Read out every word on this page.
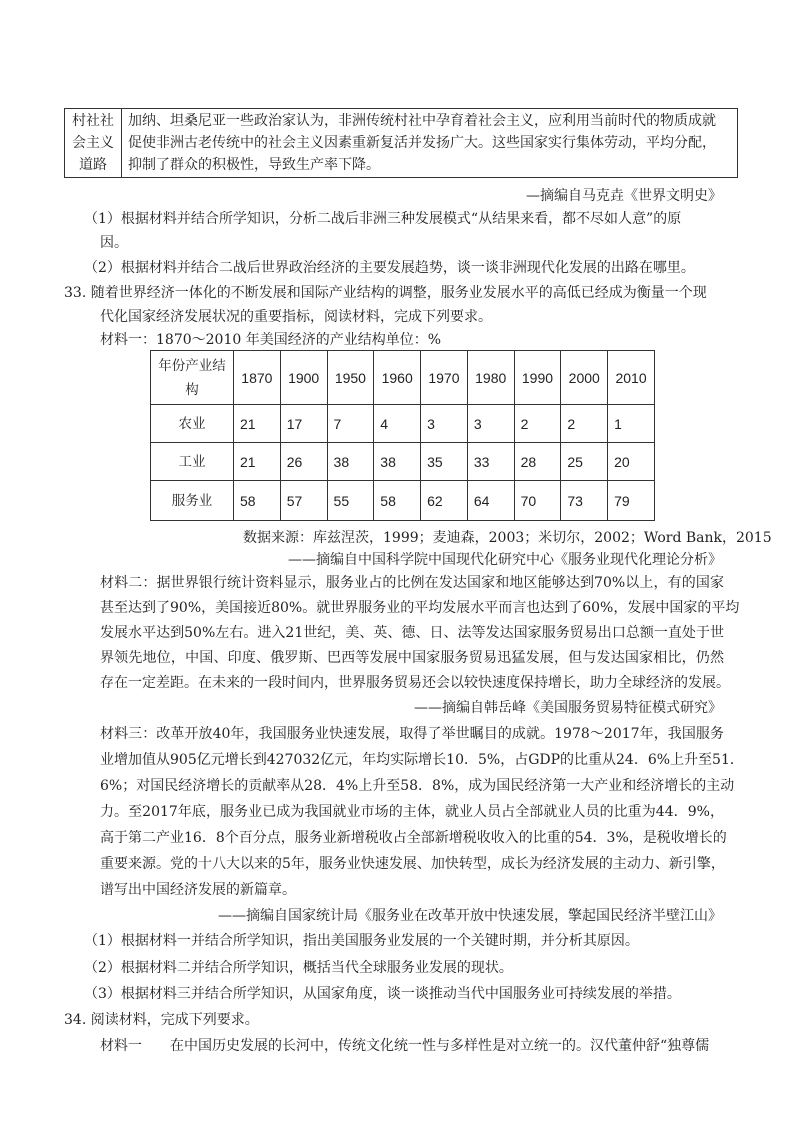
村社社
会主义
道路

加纳、坦桑尼亚一些政治家认为，非洲传统村社中孕育着社会主义，应利用当前时代的物质成就
促使非洲古老传统中的社会主义因素重新复活并发扬广大。这些国家实行集体劳动，平均分配，
抑制了群众的积极性，导致生产率下降。
—摘编自马克垚《世界文明史》
（1）根据材料并结合所学知识，分析二战后非洲三种发展模式“从结果来看，都不尽如人意”的原
因。
（2）根据材料并结合二战后世界政治经济的主要发展趋势，谈一谈非洲现代化发展的出路在哪里。
33. 随着世界经济一体化的不断发展和国际产业结构的调整，服务业发展水平的高低已经成为衡量一个现
代化国家经济发展状况的重要指标，阅读材料，完成下列要求。
材料一：1870～2010 年美国经济的产业结构单位：%
年份产业结构	1870	1900	1950	1960	1970	1980	1990	2000	2010
农业	21	17	7	4	3	3	2	2	1
工业	21	26	38	38	35	33	28	25	20
服务业	58	57	55	58	62	64	70	73	79
数据来源：库兹涅茨，1999；麦迪森，2003；米切尔，2002；Word Bank，2015
——摘编自中国科学院中国现代化研究中心《服务业现代化理论分析》
材料二：据世界银行统计资料显示，服务业占的比例在发达国家和地区能够达到70%以上，有的国家
甚至达到了90%，美国接近80%。就世界服务业的平均发展水平而言也达到了60%，发展中国家的平均
发展水平达到50%左右。进入21世纪，美、英、德、日、法等发达国家服务贸易出口总额一直处于世
界领先地位，中国、印度、俄罗斯、巴西等发展中国家服务贸易迅猛发展，但与发达国家相比，仍然
存在一定差距。在未来的一段时间内，世界服务贸易还会以较快速度保持增长，助力全球经济的发展。
——摘编自韩岳峰《美国服务贸易特征模式研究》
材料三：改革开放40年，我国服务业快速发展，取得了举世瞩目的成就。1978～2017年，我国服务
业增加值从905亿元增长到427032亿元，年均实际增长10．5%，占GDP的比重从24．6%上升至51．
6%；对国民经济增长的贡献率从28．4%上升至58．8%，成为国民经济第一大产业和经济增长的主动
力。至2017年底，服务业已成为我国就业市场的主体，就业人员占全部就业人员的比重为44．9%，
高于第二产业16．8个百分点，服务业新增税收占全部新增税收收入的比重的54．3%，是税收增长的
重要来源。党的十八大以来的5年，服务业快速发展、加快转型，成长为经济发展的主动力、新引擎，
谱写出中国经济发展的新篇章。
——摘编自国家统计局《服务业在改革开放中快速发展，擎起国民经济半壁江山》
（1）根据材料一并结合所学知识，指出美国服务业发展的一个关键时期，并分析其原因。
（2）根据材料二并结合所学知识，概括当代全球服务业发展的现状。
（3）根据材料三并结合所学知识，从国家角度，谈一谈推动当代中国服务业可持续发展的举措。
34. 阅读材料，完成下列要求。
材料一　　在中国历史发展的长河中，传统文化统一性与多样性是对立统一的。汉代董仲舒“独尊儒
